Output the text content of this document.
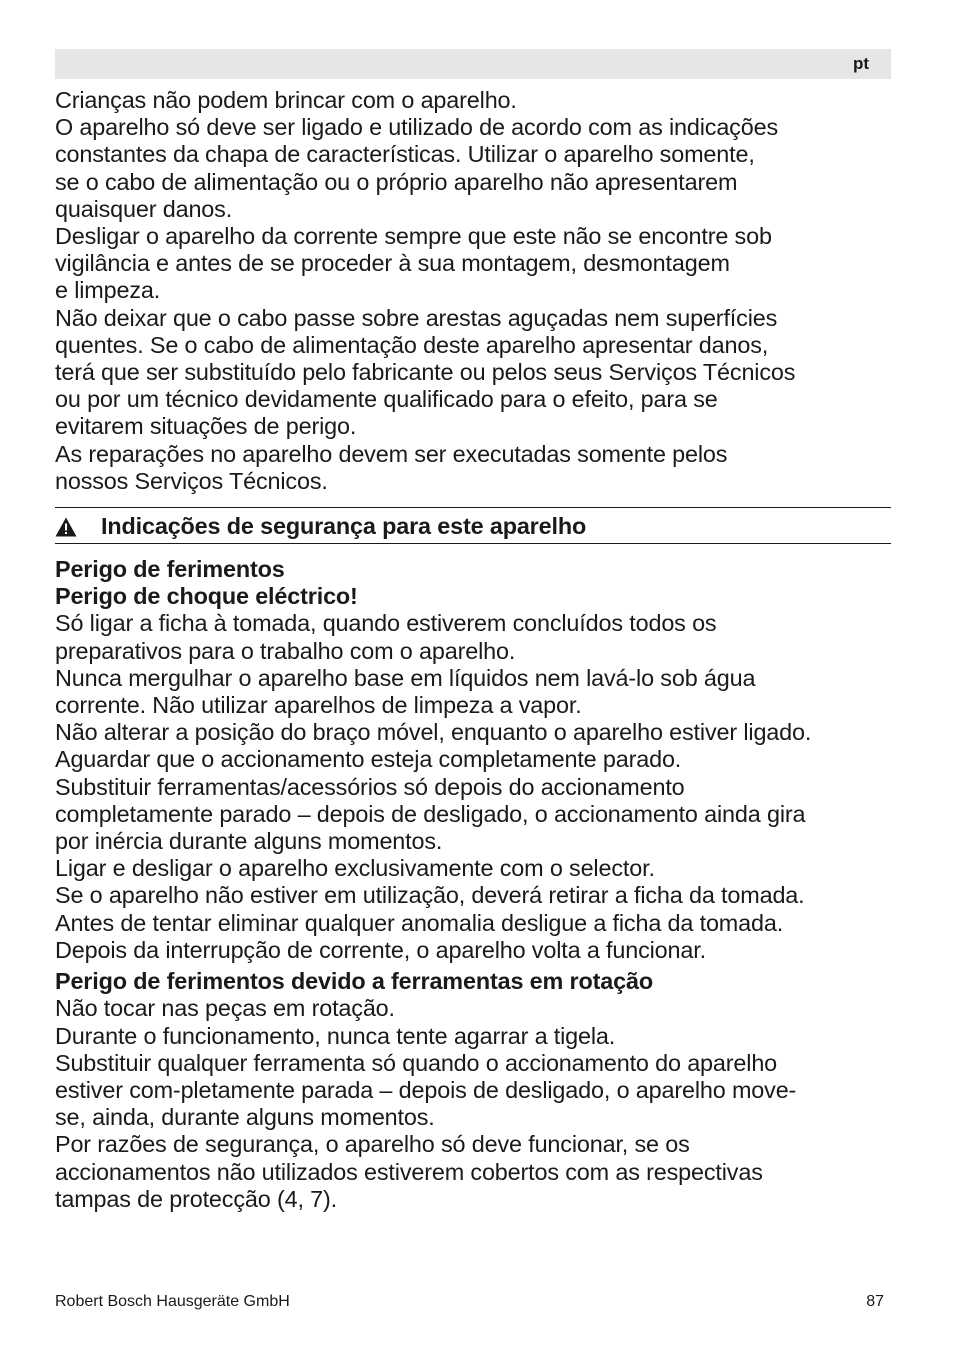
pt

Crianças não podem brincar com o aparelho.
O aparelho só deve ser ligado e utilizado de acordo com as indicações
constantes da chapa de características. Utilizar o aparelho somente,
se o cabo de alimentação ou o próprio aparelho não apresentarem
quaisquer danos.
Desligar o aparelho da corrente sempre que este não se encontre sob
vigilância e antes de se proceder à sua montagem, desmontagem
e limpeza.
Não deixar que o cabo passe sobre arestas aguçadas nem superfícies
quentes. Se o cabo de alimentação deste aparelho apresentar danos,
terá que ser substituído pelo fabricante ou pelos seus Serviços Técnicos
ou por um técnico devidamente qualificado para o efeito, para se
evitarem situações de perigo.
As reparações no aparelho devem ser executadas somente pelos
nossos Serviços Técnicos.

Indicações de segurança para este aparelho

Perigo de ferimentos

Perigo de choque eléctrico!

Só ligar a ficha à tomada, quando estiverem concluídos todos os
preparativos para o trabalho com o aparelho.
Nunca mergulhar o aparelho base em líquidos nem lavá-lo sob água
corrente. Não utilizar aparelhos de limpeza a vapor.
Não alterar a posição do braço móvel, enquanto o aparelho estiver ligado.
Aguardar que o accionamento esteja completamente parado.
Substituir ferramentas/acessórios só depois do accionamento
completamente parado – depois de desligado, o accionamento ainda gira
por inércia durante alguns momentos.
Ligar e desligar o aparelho exclusivamente com o selector.
Se o aparelho não estiver em utilização, deverá retirar a ficha da tomada.
Antes de tentar eliminar qualquer anomalia desligue a ficha da tomada.
Depois da interrupção de corrente, o aparelho volta a funcionar.

Perigo de ferimentos devido a ferramentas em rotação

Não tocar nas peças em rotação.
Durante o funcionamento, nunca tente agarrar a tigela.
Substituir qualquer ferramenta só quando o accionamento do aparelho
estiver com-pletamente parada – depois de desligado, o aparelho move-
se, ainda, durante alguns momentos.
Por razões de segurança, o aparelho só deve funcionar, se os
accionamentos não utilizados estiverem cobertos com as respectivas
tampas de protecção (4, 7).

Robert Bosch Hausgeräte GmbH	87
